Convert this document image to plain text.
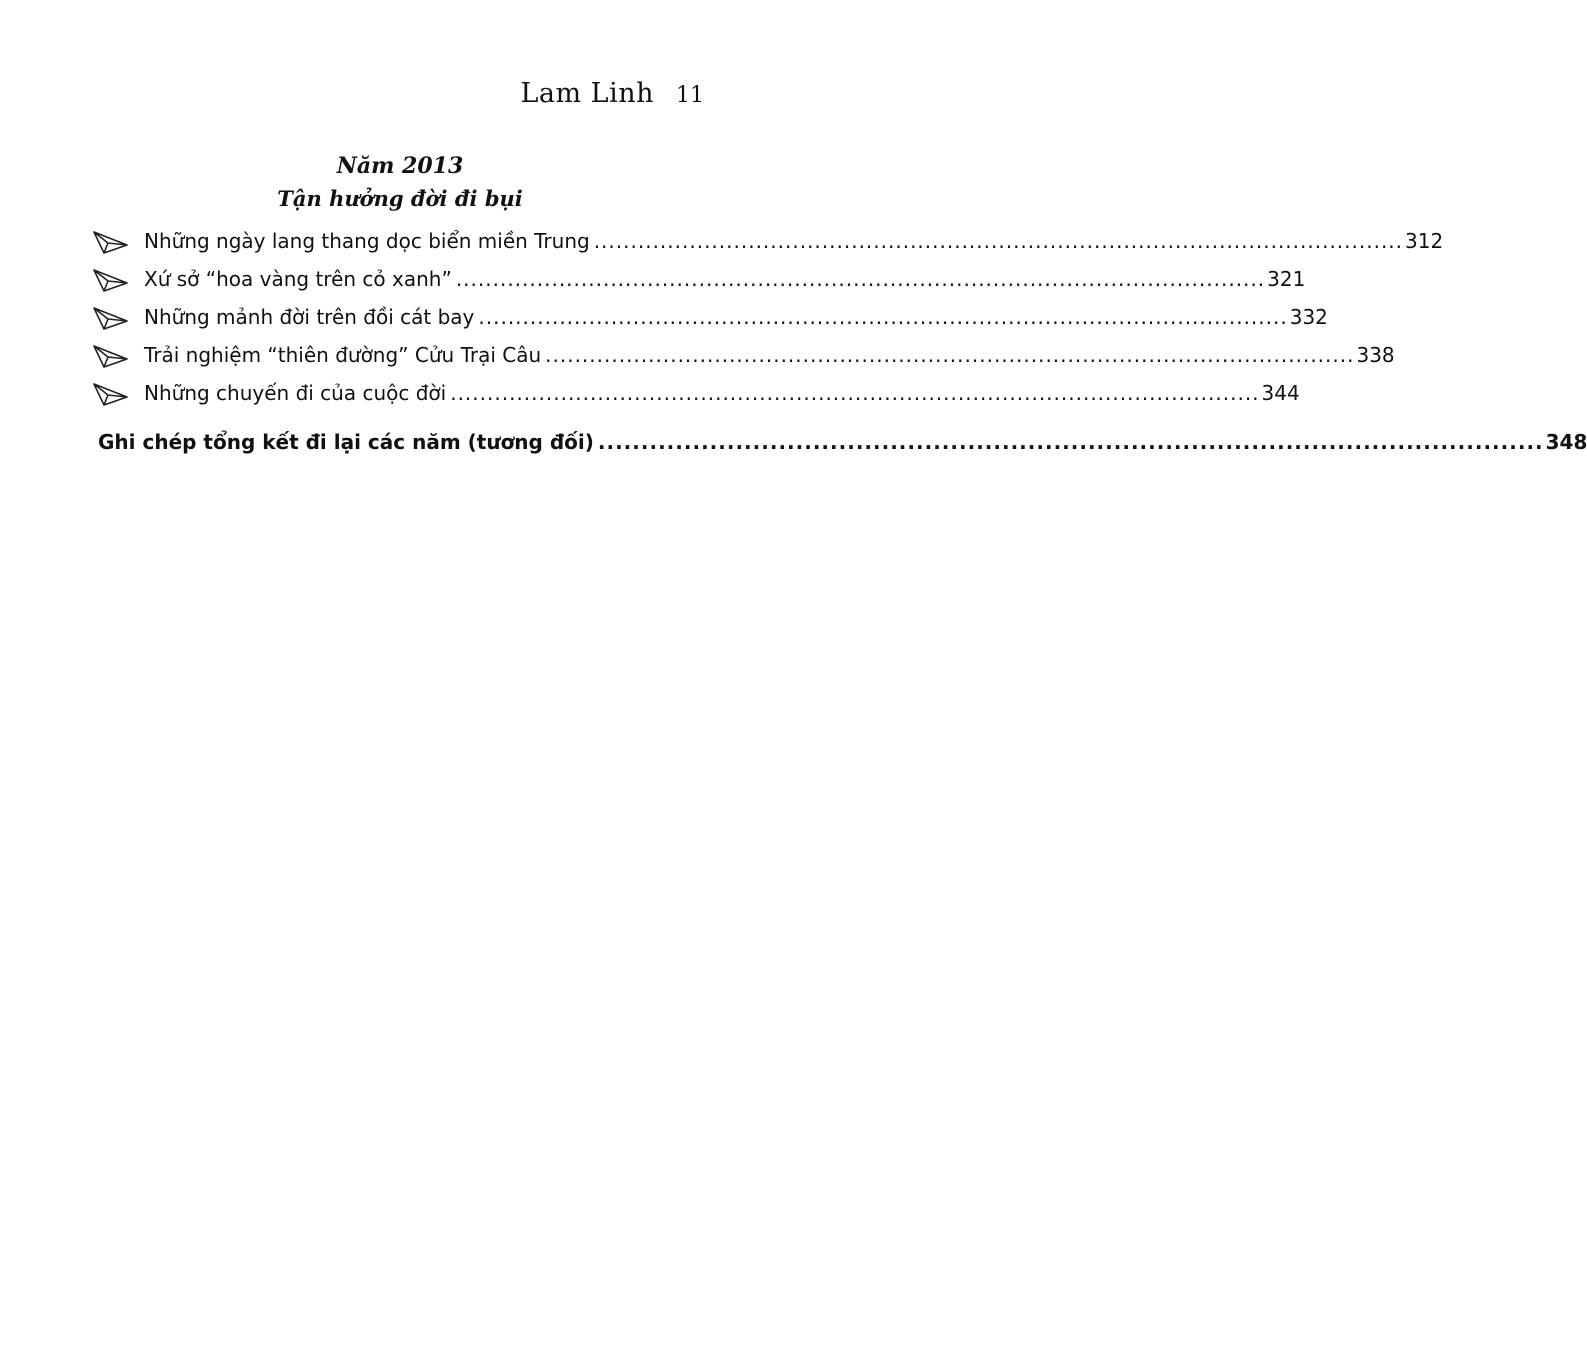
Lam Linh 11
Năm 2013
Tận hưởng đời đi bụi
Những ngày lang thang dọc biển miền Trung .............................................................................................................. 312
Xứ sở “hoa vàng trên cỏ xanh” .............................................................................................................. 321
Những mảnh đời trên đồi cát bay .............................................................................................................. 332
Trải nghiệm “thiên đường” Cửu Trại Câu .............................................................................................................. 338
Những chuyến đi của cuộc đời .............................................................................................................. 344
Ghi chép tổng kết đi lại các năm (tương đối) .............................................................................................................. 348
